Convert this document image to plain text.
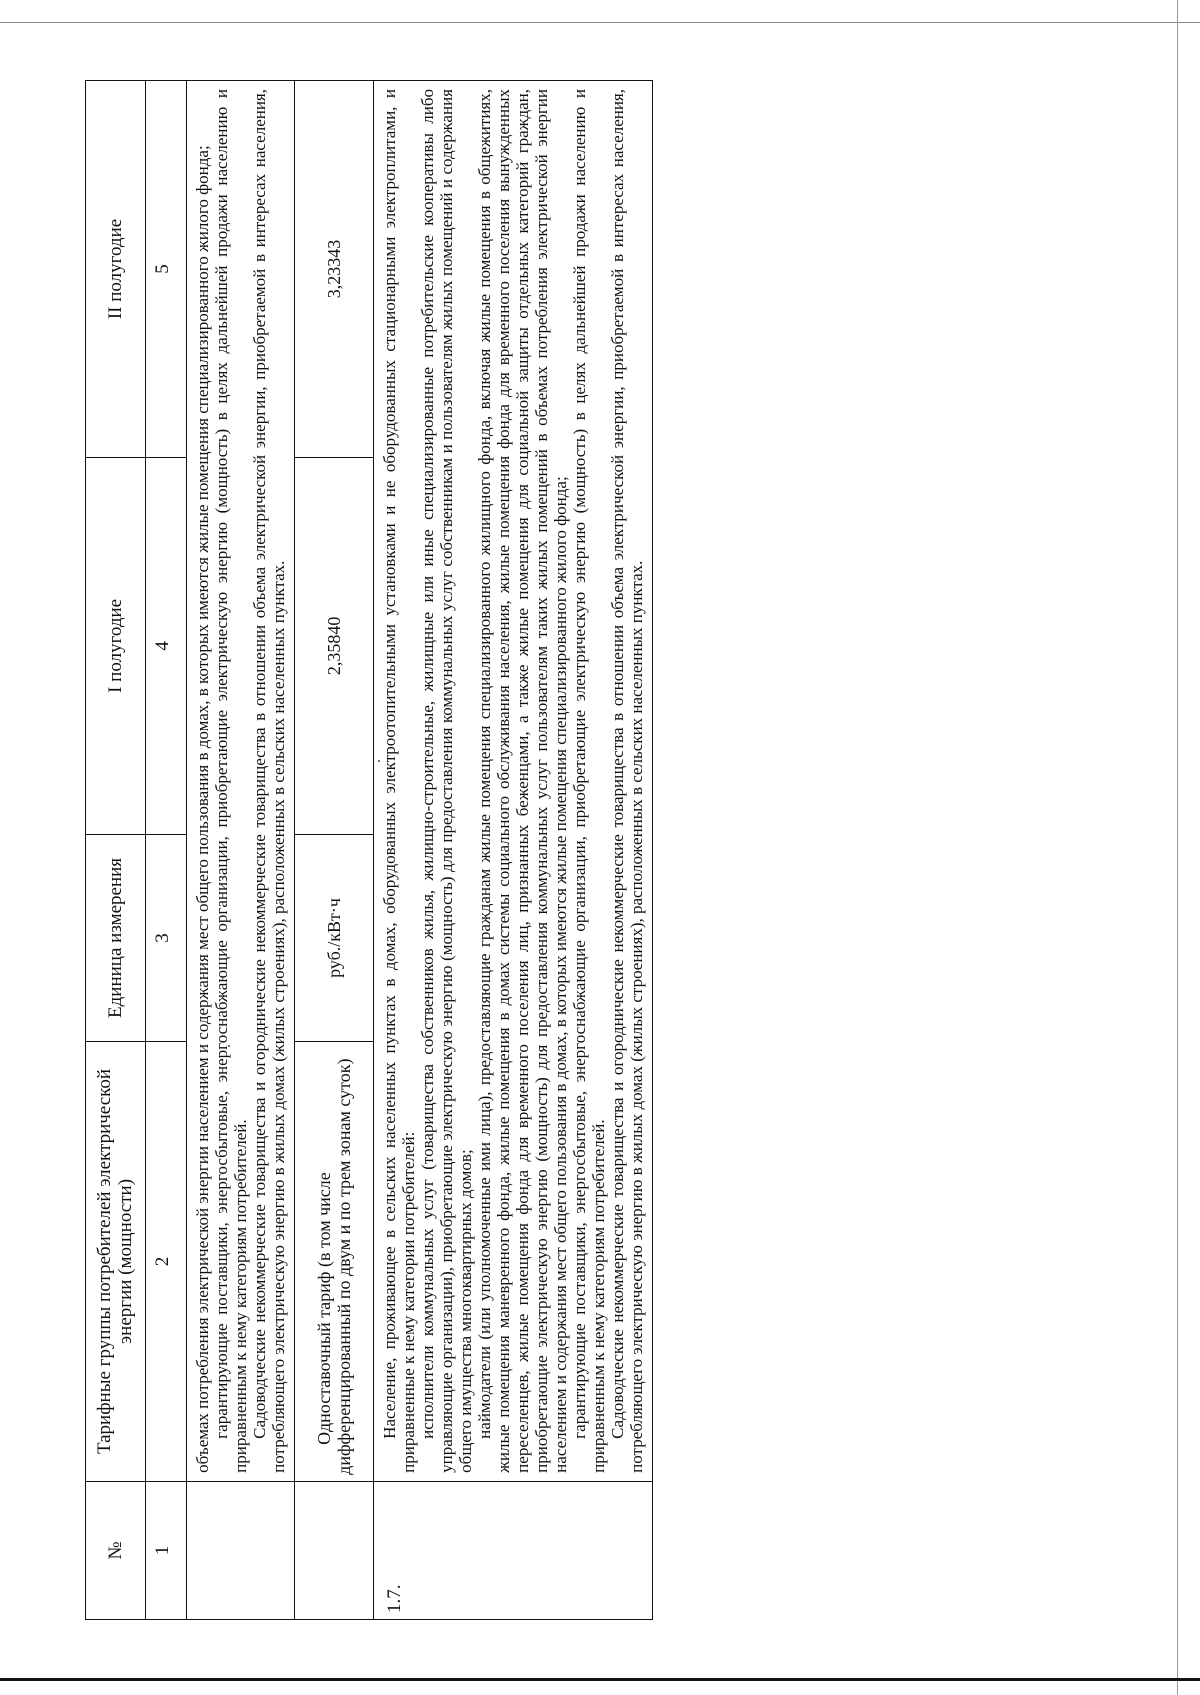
№	Тарифные группы потребителей электрической энергии (мощности)	Единица измерения	I полугодие	II полугодие
1	2	3	4	5

	объемах потребления электрической энергии населением и содержания мест общего пользования в домах, в которых имеются жилые помещения специализированного жилого фонда; гарантирующие поставщики, энергосбытовые, энергоснабжающие организации, приобретающие электрическую энергию (мощность) в целях дальнейшей продажи населению и приравненным к нему категориям потребителей. Садоводческие некоммерческие товарищества и огороднические некоммерческие товарищества в отношении объема электрической энергии, приобретаемой в интересах населения, потребляющего электрическую энергию в жилых домах (жилых строениях), расположенных в сельских населенных пунктах.			

	Одноставочный тариф (в том числе дифференцированный по двум и по трем зонам суток)	руб./кВт·ч	2,35840	3,23343
1.7.	Население, проживающее в сельских населенных пунктах в домах, оборудованных электроотопительными установками и не оборудованных стационарными электроплитами, и приравненные к нему категории потребителей: исполнители коммунальных услуг (товарищества собственников жилья, жилищно-строительные, жилищные или иные специализированные потребительские кооперативы либо управляющие организации), приобретающие электрическую энергию (мощность) для предоставления коммунальных услуг собственникам и пользователям жилых помещений и содержания общего имущества многоквартирных домов; наймодатели (или уполномоченные ими лица), предоставляющие гражданам жилые помещения специализированного жилищного фонда, включая жилые помещения в общежитиях, жилые помещения маневренного фонда, жилые помещения в домах системы социального обслуживания населения, жилые помещения фонда для временного поселения вынужденных переселенцев, жилые помещения фонда для временного поселения лиц, признанных беженцами, а также жилые помещения для социальной защиты отдельных категорий граждан, приобретающие электрическую энергию (мощность) для предоставления коммунальных услуг пользователям таких жилых помещений в объемах потребления электрической энергии населением и содержания мест общего пользования в домах, в которых имеются жилые помещения специализированного жилого фонда; гарантирующие поставщики, энергосбытовые, энергоснабжающие организации, приобретающие электрическую энергию (мощность) в целях дальнейшей продажи населению и приравненным к нему категориям потребителей. Садоводческие некоммерческие товарищества и огороднические некоммерческие товарищества в отношении объема электрической энергии, приобретаемой в интересах населения, потребляющего электрическую энергию в жилых домах (жилых строениях), расположенных в сельских населенных пунктах.			
